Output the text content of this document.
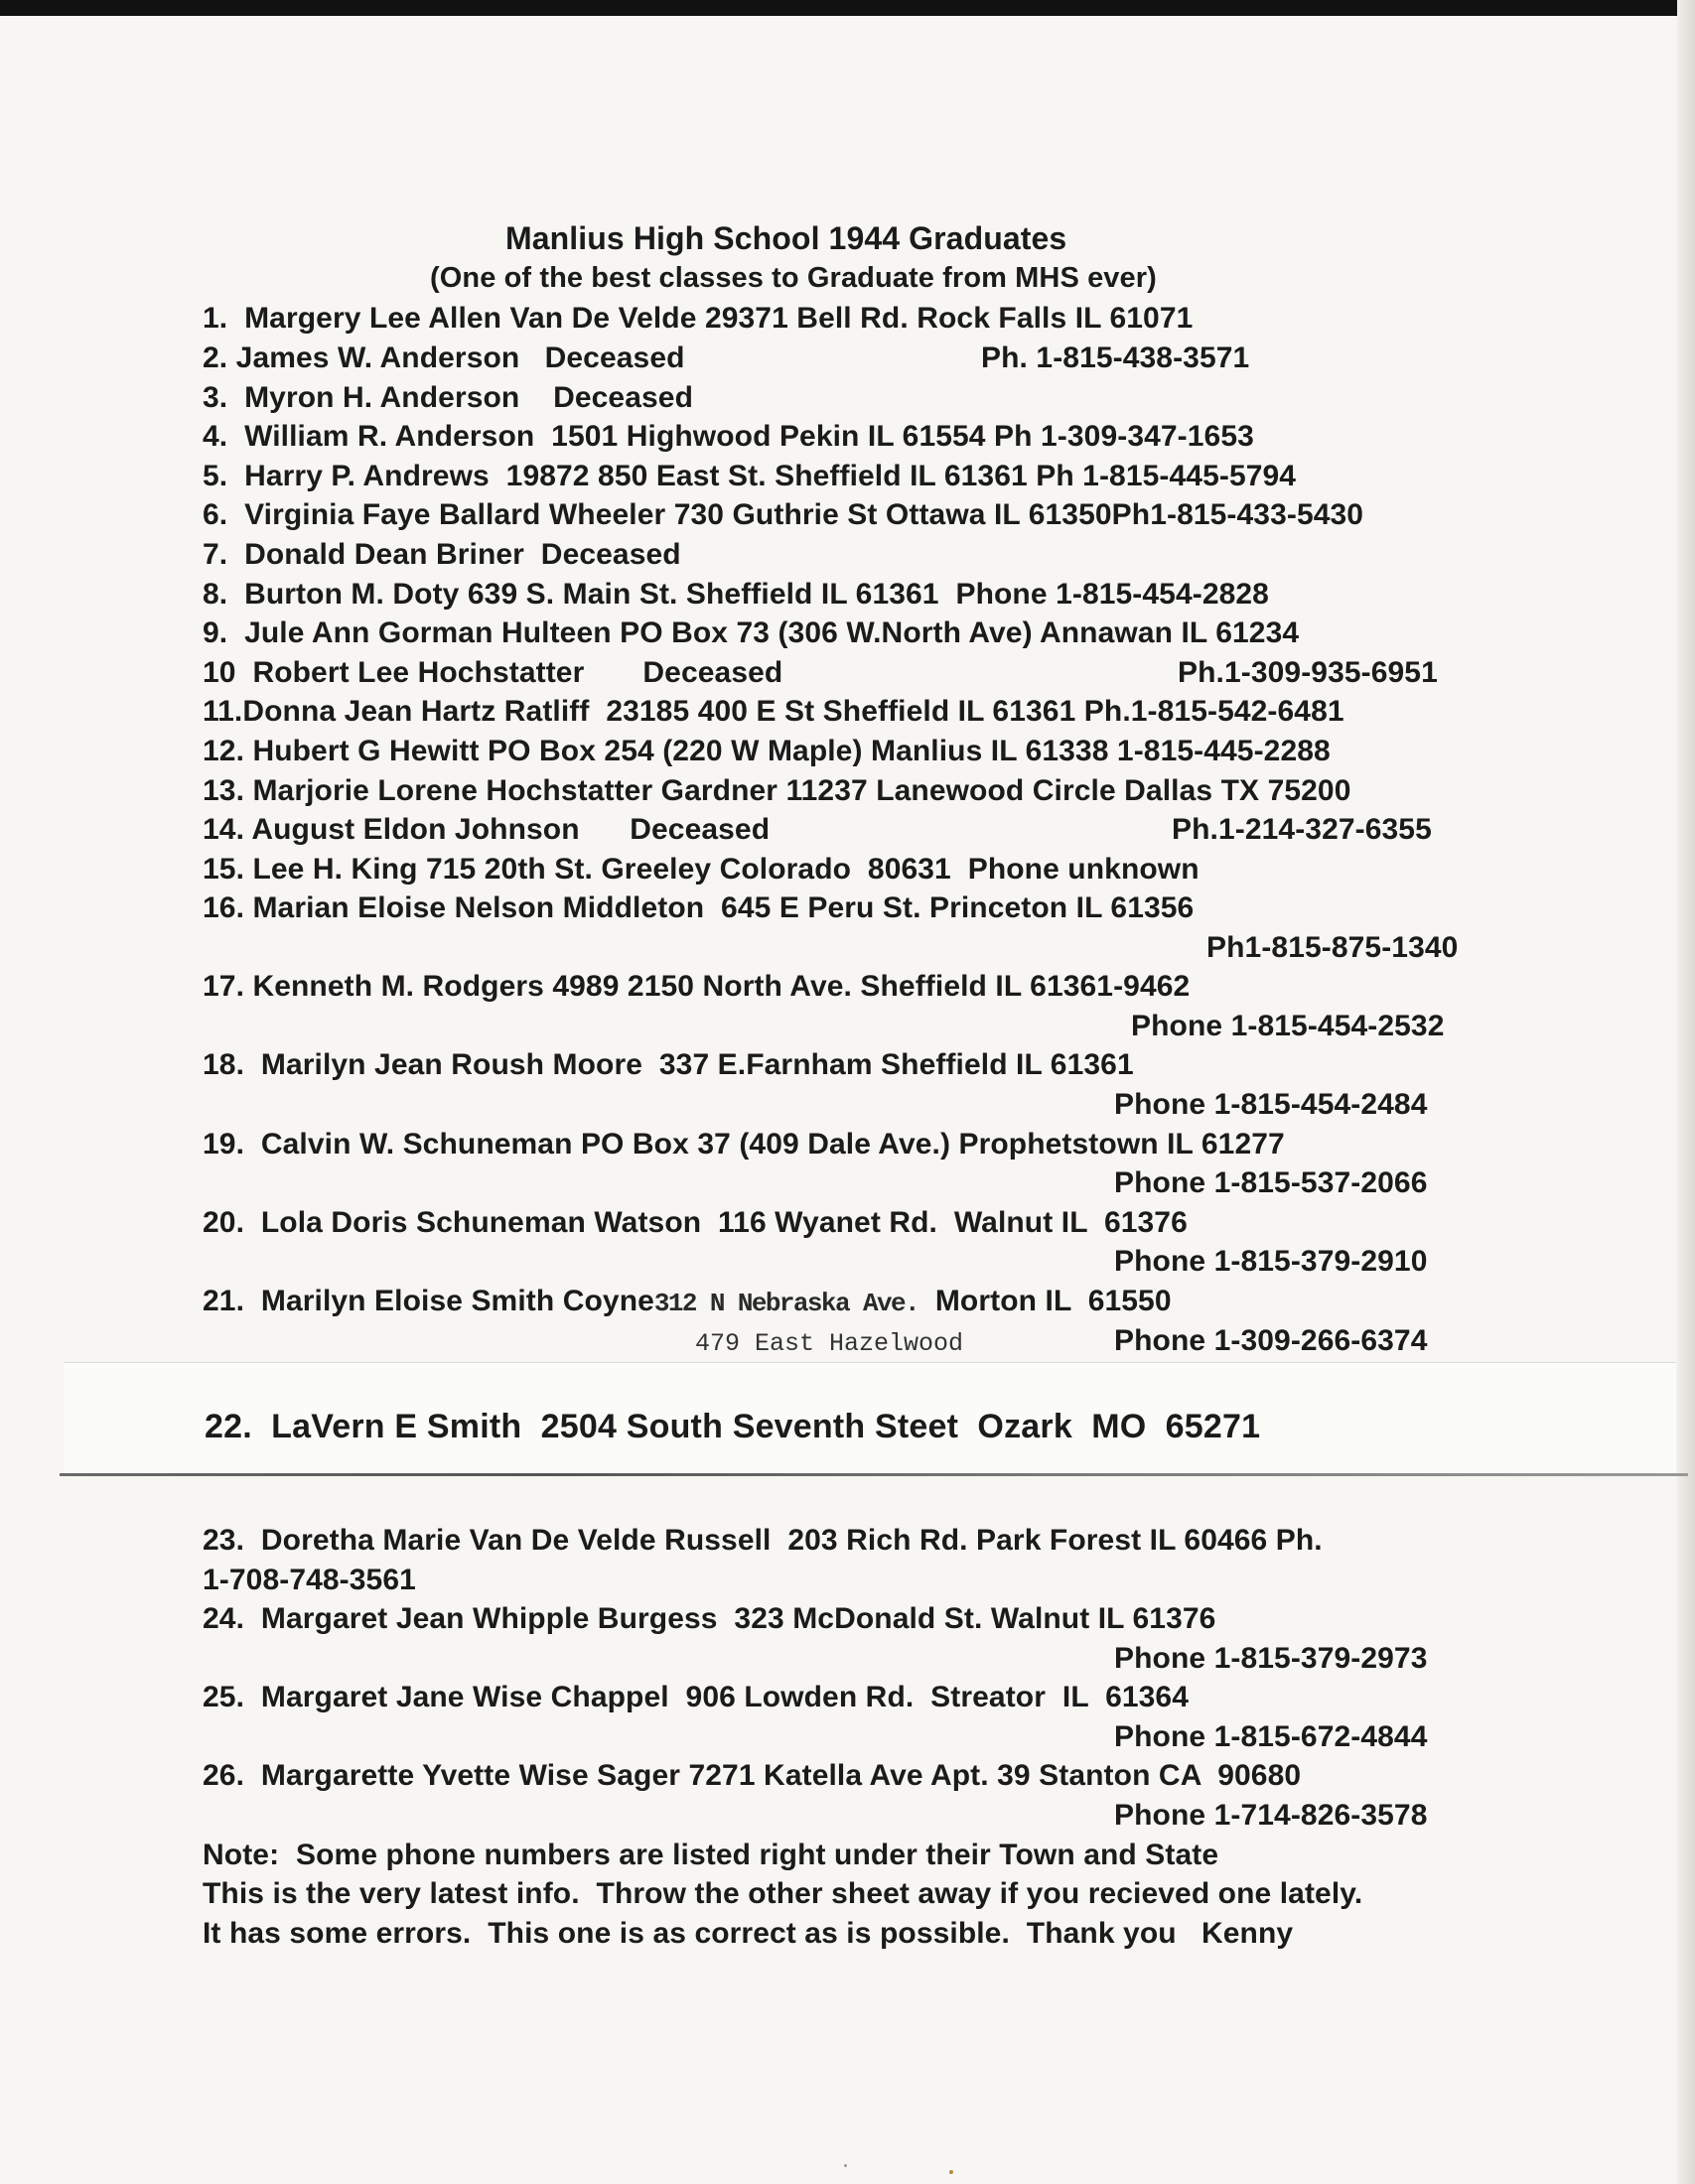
Manlius High School 1944 Graduates
(One of the best classes to Graduate from MHS ever)
1.  Margery Lee Allen Van De Velde 29371 Bell Rd. Rock Falls IL 61071
2. James W. Anderson   Deceased	Ph. 1-815-438-3571
3.  Myron H. Anderson    Deceased
4.  William R. Anderson  1501 Highwood Pekin IL 61554 Ph 1-309-347-1653
5.  Harry P. Andrews  19872 850 East St. Sheffield IL 61361 Ph 1-815-445-5794
6.  Virginia Faye Ballard Wheeler 730 Guthrie St Ottawa IL 61350Ph1-815-433-5430
7.  Donald Dean Briner  Deceased
8.  Burton M. Doty 639 S. Main St. Sheffield IL 61361  Phone 1-815-454-2828
9.  Jule Ann Gorman Hulteen PO Box 73 (306 W.North Ave) Annawan IL 61234
10  Robert Lee Hochstatter       Deceased	Ph.1-309-935-6951
11.Donna Jean Hartz Ratliff  23185 400 E St Sheffield IL 61361 Ph.1-815-542-6481
12. Hubert G Hewitt PO Box 254 (220 W Maple) Manlius IL 61338 1-815-445-2288
13. Marjorie Lorene Hochstatter Gardner 11237 Lanewood Circle Dallas TX 75200
14. August Eldon Johnson      Deceased	Ph.1-214-327-6355
15. Lee H. King 715 20th St. Greeley Colorado  80631  Phone unknown
16. Marian Eloise Nelson Middleton  645 E Peru St. Princeton IL 61356
Ph1-815-875-1340
17. Kenneth M. Rodgers 4989 2150 North Ave. Sheffield IL 61361-9462
Phone 1-815-454-2532
18.  Marilyn Jean Roush Moore  337 E.Farnham Sheffield IL 61361
Phone 1-815-454-2484
19.  Calvin W. Schuneman PO Box 37 (409 Dale Ave.) Prophetstown IL 61277
Phone 1-815-537-2066
20.  Lola Doris Schuneman Watson  116 Wyanet Rd.  Walnut IL  61376
Phone 1-815-379-2910
21.  Marilyn Eloise Smith Coyne312 N Nebraska Ave.  Morton IL  61550
479 East Hazelwood	Phone 1-309-266-6374
22.  LaVern E Smith  2504 South Seventh Steet  Ozark  MO  65271
23.  Doretha Marie Van De Velde Russell  203 Rich Rd. Park Forest IL 60466 Ph.
1-708-748-3561
24.  Margaret Jean Whipple Burgess  323 McDonald St. Walnut IL 61376
Phone 1-815-379-2973
25.  Margaret Jane Wise Chappel  906 Lowden Rd.  Streator  IL  61364
Phone 1-815-672-4844
26.  Margarette Yvette Wise Sager 7271 Katella Ave Apt. 39 Stanton CA  90680
Phone 1-714-826-3578
Note:  Some phone numbers are listed right under their Town and State
This is the very latest info.  Throw the other sheet away if you recieved one lately.
It has some errors.  This one is as correct as is possible.  Thank you   Kenny
